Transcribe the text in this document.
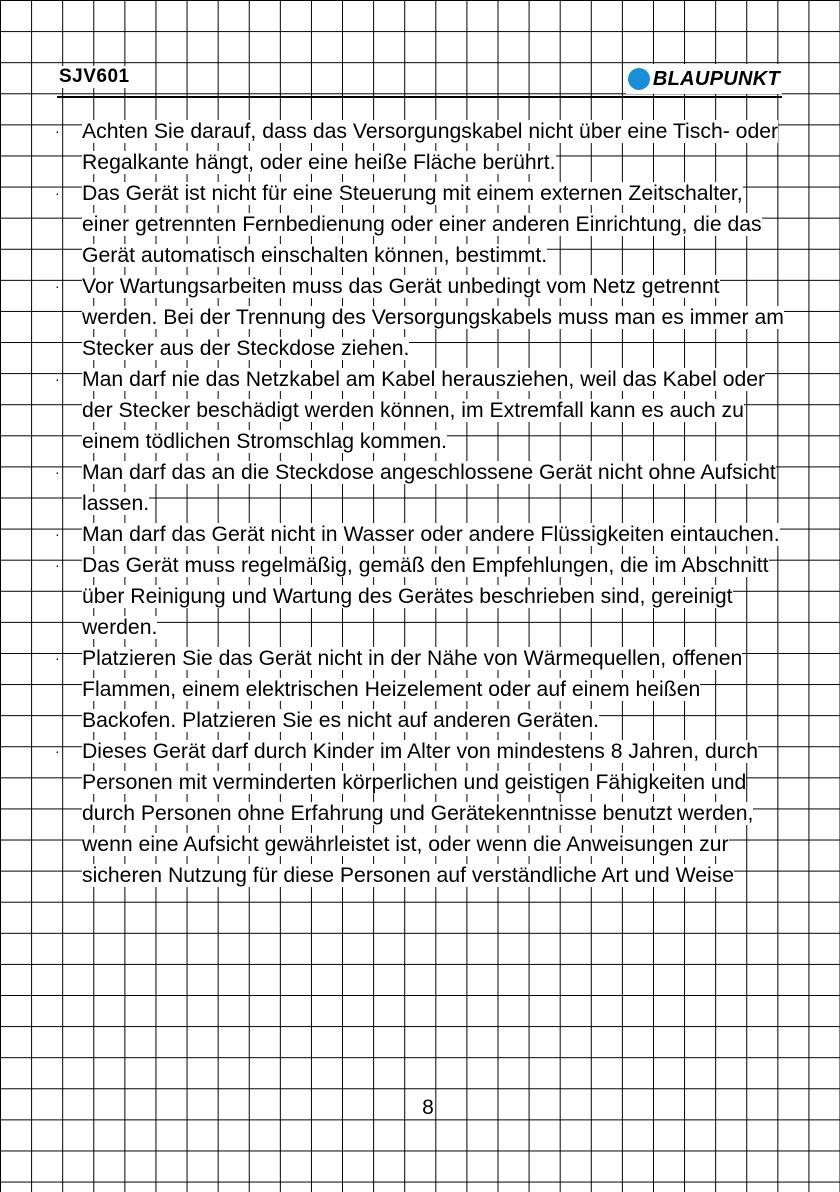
SJV601	BLAUPUNKT
· Achten Sie darauf, dass das Versorgungskabel nicht über eine Tisch- oder Regalkante hängt, oder eine heiße Fläche berührt.
· Das Gerät ist nicht für eine Steuerung mit einem externen Zeitschalter, einer getrennten Fernbedienung oder einer anderen Einrichtung, die das Gerät automatisch einschalten können, bestimmt.
· Vor Wartungsarbeiten muss das Gerät unbedingt vom Netz getrennt werden. Bei der Trennung des Versorgungskabels muss man es immer am Stecker aus der Steckdose ziehen.
· Man darf nie das Netzkabel am Kabel herausziehen, weil das Kabel oder der Stecker beschädigt werden können, im Extremfall kann es auch zu einem tödlichen Stromschlag kommen.
· Man darf das an die Steckdose angeschlossene Gerät nicht ohne Aufsicht lassen.
· Man darf das Gerät nicht in Wasser oder andere Flüssigkeiten eintauchen.
· Das Gerät muss regelmäßig, gemäß den Empfehlungen, die im Abschnitt über Reinigung und Wartung des Gerätes beschrieben sind, gereinigt werden.
· Platzieren Sie das Gerät nicht in der Nähe von Wärmequellen, offenen Flammen, einem elektrischen Heizelement oder auf einem heißen Backofen. Platzieren Sie es nicht auf anderen Geräten.
· Dieses Gerät darf durch Kinder im Alter von mindestens 8 Jahren, durch Personen mit verminderten körperlichen und geistigen Fähigkeiten und durch Personen ohne Erfahrung und Gerätekenntnisse benutzt werden, wenn eine Aufsicht gewährleistet ist, oder wenn die Anweisungen zur sicheren Nutzung für diese Personen auf verständliche Art und Weise
8
